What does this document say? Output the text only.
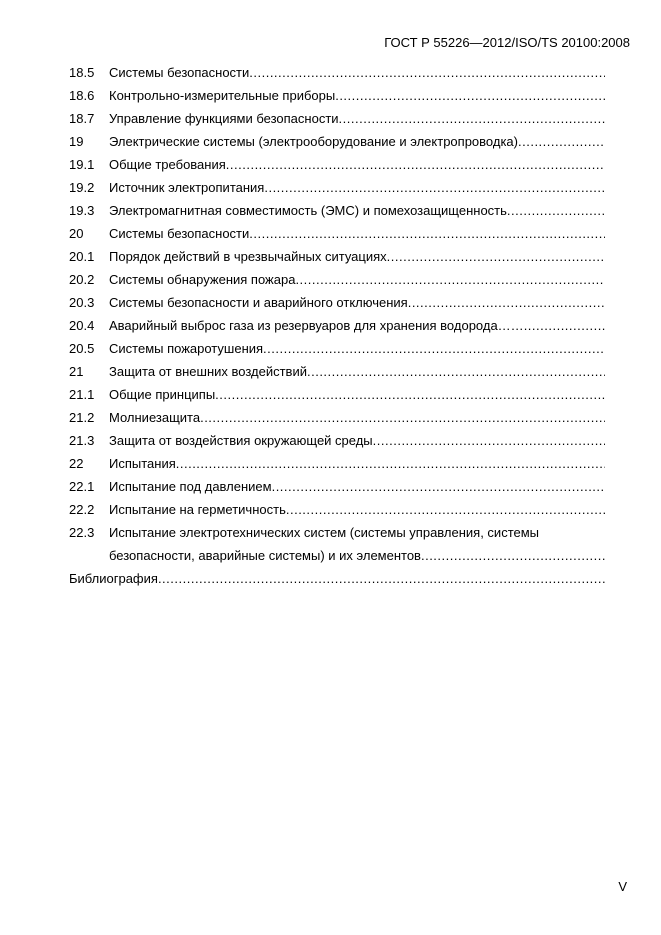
ГОСТ Р 55226—2012/ISO/TS 20100:2008
18.5	Системы безопасности
.....
18.6	Контрольно-измерительные приборы
.....
18.7	Управление функциями безопасности
.....
19	Электрические системы (электрооборудование и электропроводка)
.....
19.1	Общие требования
.....
19.2	Источник электропитания
.....
19.3	Электромагнитная совместимость (ЭМС) и помехозащищенность
.....
20	Системы безопасности
.....
20.1	Порядок действий в чрезвычайных ситуациях
.....
20.2	Системы обнаружения пожара
.....
20.3	Системы безопасности и аварийного отключения
.....
20.4	Аварийный выброс газа из резервуаров для хранения водорода……
.....
20.5	Системы пожаротушения
.....
21	Защита от внешних воздействий
.....
21.1	Общие принципы
.....
21.2	Молниезащита
.....
21.3	Защита от воздействия окружающей среды
.....
22	Испытания
.....
22.1	Испытание под давлением
.....
22.2	Испытание на герметичность
.....
22.3	Испытание электротехнических систем (системы управления, системы
безопасности, аварийные системы) и их элементов
.....
Библиография
.....
V
